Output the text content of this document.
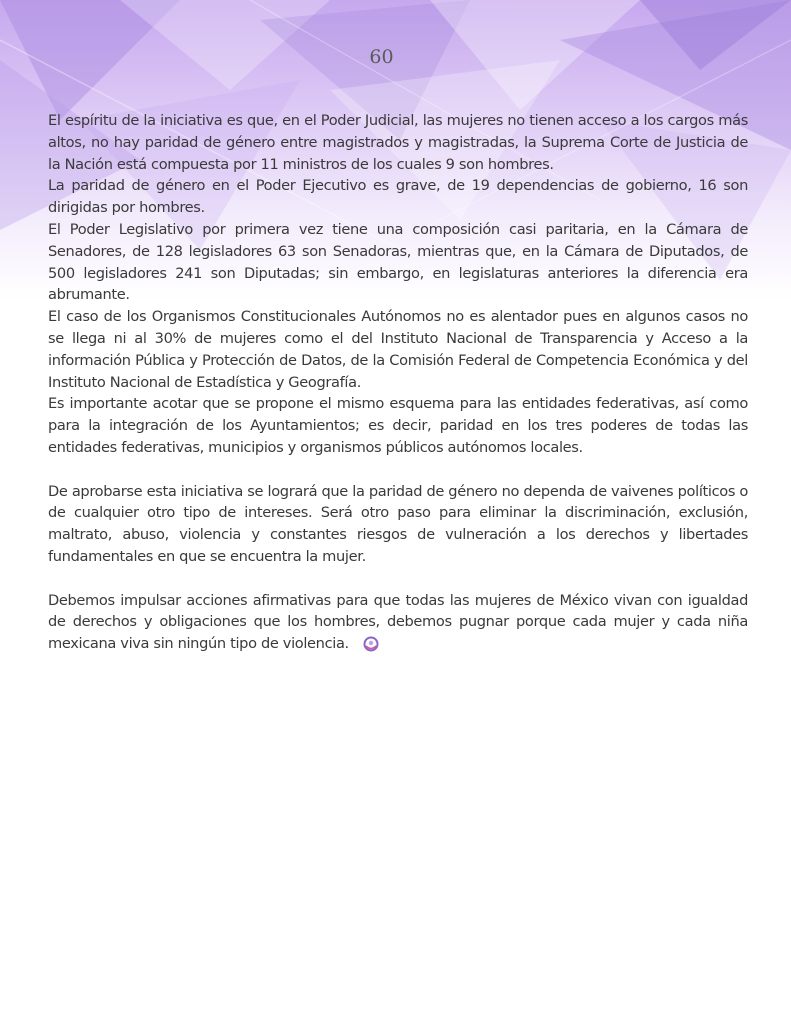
60

El espíritu de la iniciativa es que, en el Poder Judicial, las mujeres no tienen acceso a los cargos más altos, no hay paridad de género entre magistrados y magistradas, la Suprema Corte de Justicia de la Nación está compuesta por 11 ministros de los cuales 9 son hombres.

La paridad de género en el Poder Ejecutivo es grave, de 19 dependencias de gobierno, 16 son dirigidas por hombres.

El Poder Legislativo por primera vez tiene una composición casi paritaria, en la Cámara de Senadores, de 128 legisladores 63 son Senadoras, mientras que, en la Cámara de Diputados, de 500 legisladores 241 son Diputadas; sin embargo, en legislaturas anteriores la diferencia era abrumante.

El caso de los Organismos Constitucionales Autónomos no es alentador pues en algunos casos no se llega ni al 30% de mujeres como el del Instituto Nacional de Transparencia y Acceso a la información Pública y Protección de Datos, de la Comisión Federal de Competencia Económica y del Instituto Nacional de Estadística y Geografía.

Es importante acotar que se propone el mismo esquema para las entidades federativas, así como para la integración de los Ayuntamientos; es decir, paridad en los tres poderes de todas las entidades federativas, municipios y organismos públicos autónomos locales.

De aprobarse esta iniciativa se logrará que la paridad de género no dependa de vaivenes políticos o de cualquier otro tipo de intereses. Será otro paso para eliminar la discriminación, exclusión, maltrato, abuso, violencia y constantes riesgos de vulneración a los derechos y libertades fundamentales en que se encuentra la mujer.

Debemos impulsar acciones afirmativas para que todas las mujeres de México vivan con igualdad de derechos y obligaciones que los hombres, debemos pugnar porque cada mujer y cada niña mexicana viva sin ningún tipo de violencia.
